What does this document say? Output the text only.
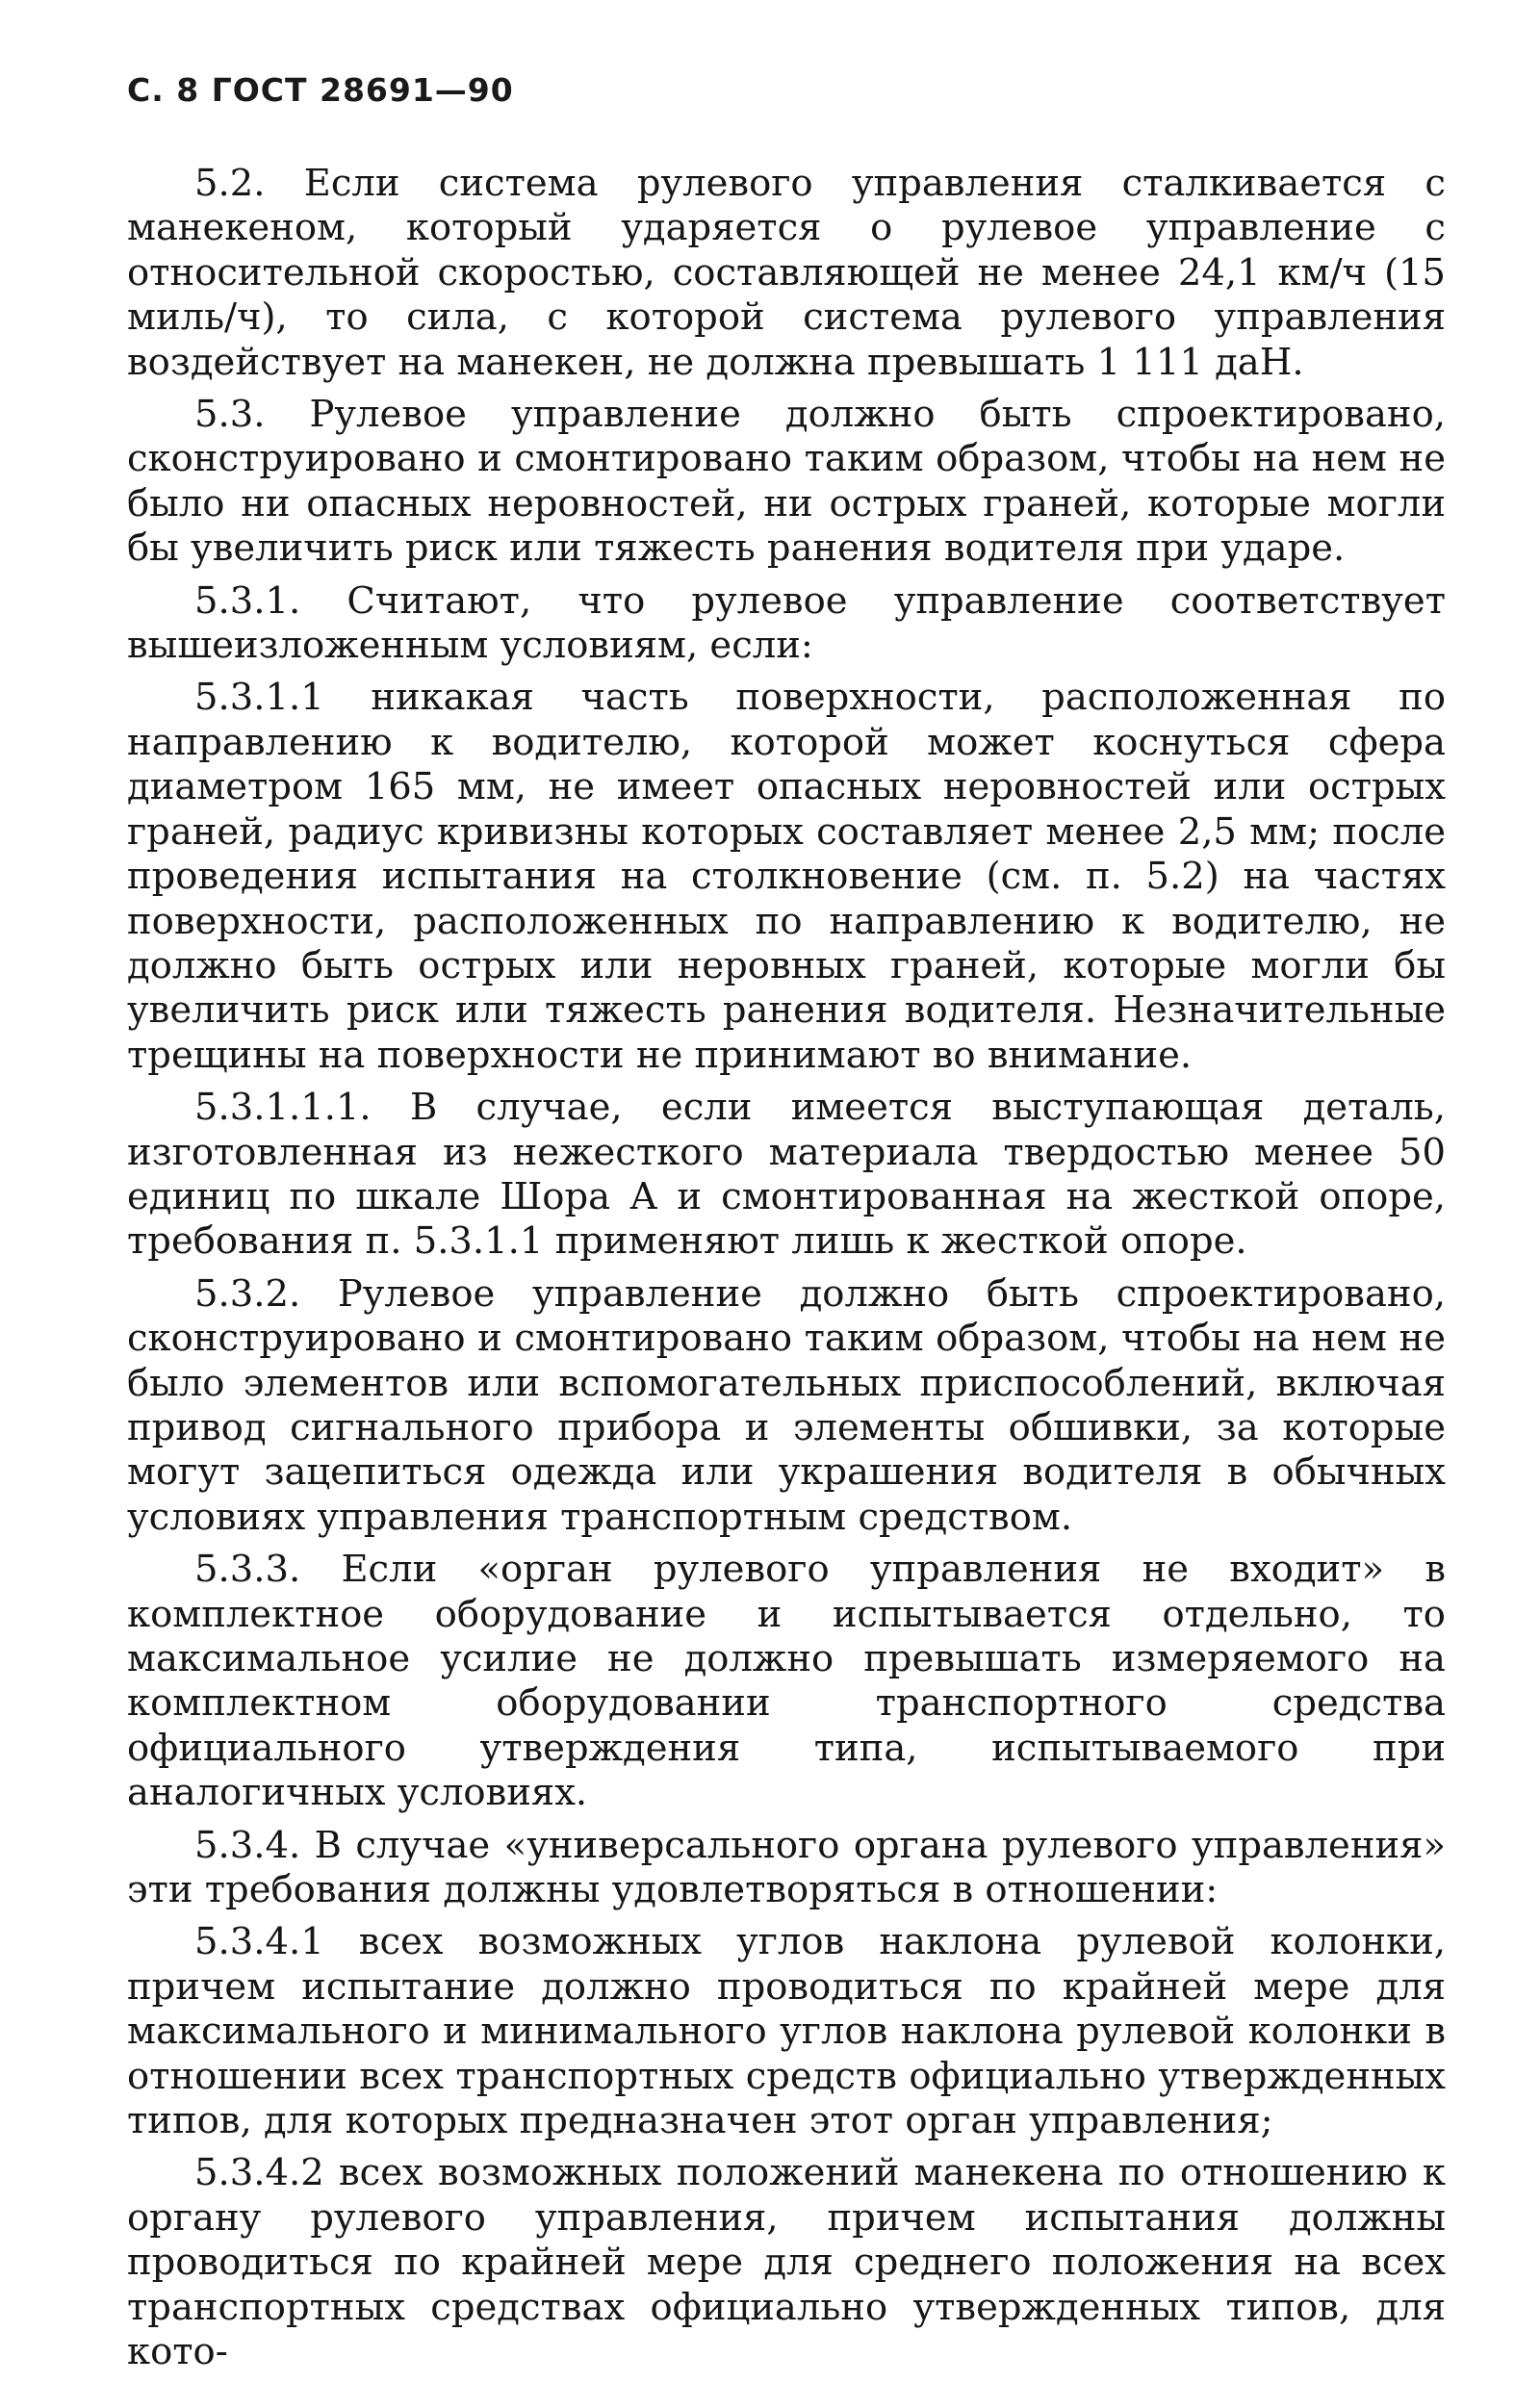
С. 8 ГОСТ 28691—90

5.2. Если система рулевого управления сталкивается с манекеном, который ударяется о рулевое управление с относительной скоростью, составляющей не менее 24,1 км/ч (15 миль/ч), то сила, с которой система рулевого управления воздействует на манекен, не должна превышать 1 111 даН.

5.3. Рулевое управление должно быть спроектировано, сконструировано и смонтировано таким образом, чтобы на нем не было ни опасных неровностей, ни острых граней, которые могли бы увеличить риск или тяжесть ранения водителя при ударе.

5.3.1. Считают, что рулевое управление соответствует вышеизложенным условиям, если:

5.3.1.1 никакая часть поверхности, расположенная по направлению к водителю, которой может коснуться сфера диаметром 165 мм, не имеет опасных неровностей или острых граней, радиус кривизны которых составляет менее 2,5 мм; после проведения испытания на столкновение (см. п. 5.2) на частях поверхности, расположенных по направлению к водителю, не должно быть острых или неровных граней, которые могли бы увеличить риск или тяжесть ранения водителя. Незначительные трещины на поверхности не принимают во внимание.

5.3.1.1.1. В случае, если имеется выступающая деталь, изготовленная из нежесткого материала твердостью менее 50 единиц по шкале Шора А и смонтированная на жесткой опоре, требования п. 5.3.1.1 применяют лишь к жесткой опоре.

5.3.2. Рулевое управление должно быть спроектировано, сконструировано и смонтировано таким образом, чтобы на нем не было элементов или вспомогательных приспособлений, включая привод сигнального прибора и элементы обшивки, за которые могут зацепиться одежда или украшения водителя в обычных условиях управления транспортным средством.

5.3.3. Если «орган рулевого управления не входит» в комплектное оборудование и испытывается отдельно, то максимальное усилие не должно превышать измеряемого на комплектном оборудовании транспортного средства официального утверждения типа, испытываемого при аналогичных условиях.

5.3.4. В случае «универсального органа рулевого управления» эти требования должны удовлетворяться в отношении:

5.3.4.1 всех возможных углов наклона рулевой колонки, причем испытание должно проводиться по крайней мере для максимального и минимального углов наклона рулевой колонки в отношении всех транспортных средств официально утвержденных типов, для которых предназначен этот орган управления;

5.3.4.2 всех возможных положений манекена по отношению к органу рулевого управления, причем испытания должны проводиться по крайней мере для среднего положения на всех транспортных средствах официально утвержденных типов, для кото-
